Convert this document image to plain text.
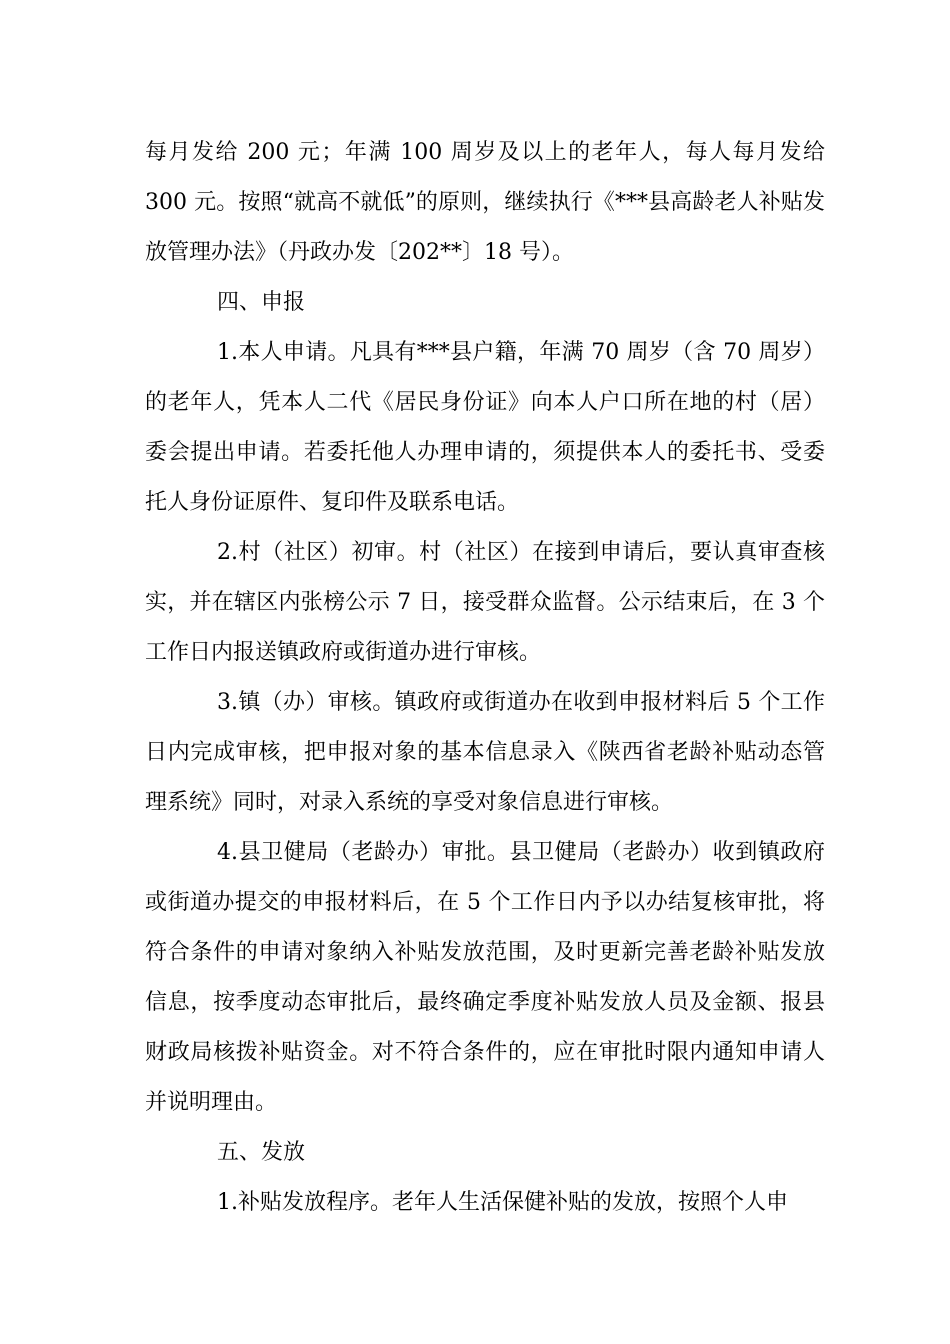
每月发给 200 元；年满 100 周岁及以上的老年人，每人每月发给 300 元。按照“就高不就低”的原则，继续执行《***县高龄老人补贴发放管理办法》（丹政办发〔202**〕18 号）。

四、申报

1.本人申请。凡具有***县户籍，年满 70 周岁（含 70 周岁）的老年人，凭本人二代《居民身份证》向本人户口所在地的村（居）委会提出申请。若委托他人办理申请的，须提供本人的委托书、受委托人身份证原件、复印件及联系电话。

2.村（社区）初审。村（社区）在接到申请后，要认真审查核实，并在辖区内张榜公示 7 日，接受群众监督。公示结束后，在 3 个工作日内报送镇政府或街道办进行审核。

3.镇（办）审核。镇政府或街道办在收到申报材料后 5 个工作日内完成审核，把申报对象的基本信息录入《陕西省老龄补贴动态管理系统》同时，对录入系统的享受对象信息进行审核。

4.县卫健局（老龄办）审批。县卫健局（老龄办）收到镇政府或街道办提交的申报材料后，在 5 个工作日内予以办结复核审批，将符合条件的申请对象纳入补贴发放范围，及时更新完善老龄补贴发放信息，按季度动态审批后，最终确定季度补贴发放人员及金额、报县财政局核拨补贴资金。对不符合条件的，应在审批时限内通知申请人并说明理由。

五、发放

1.补贴发放程序。老年人生活保健补贴的发放，按照个人申
